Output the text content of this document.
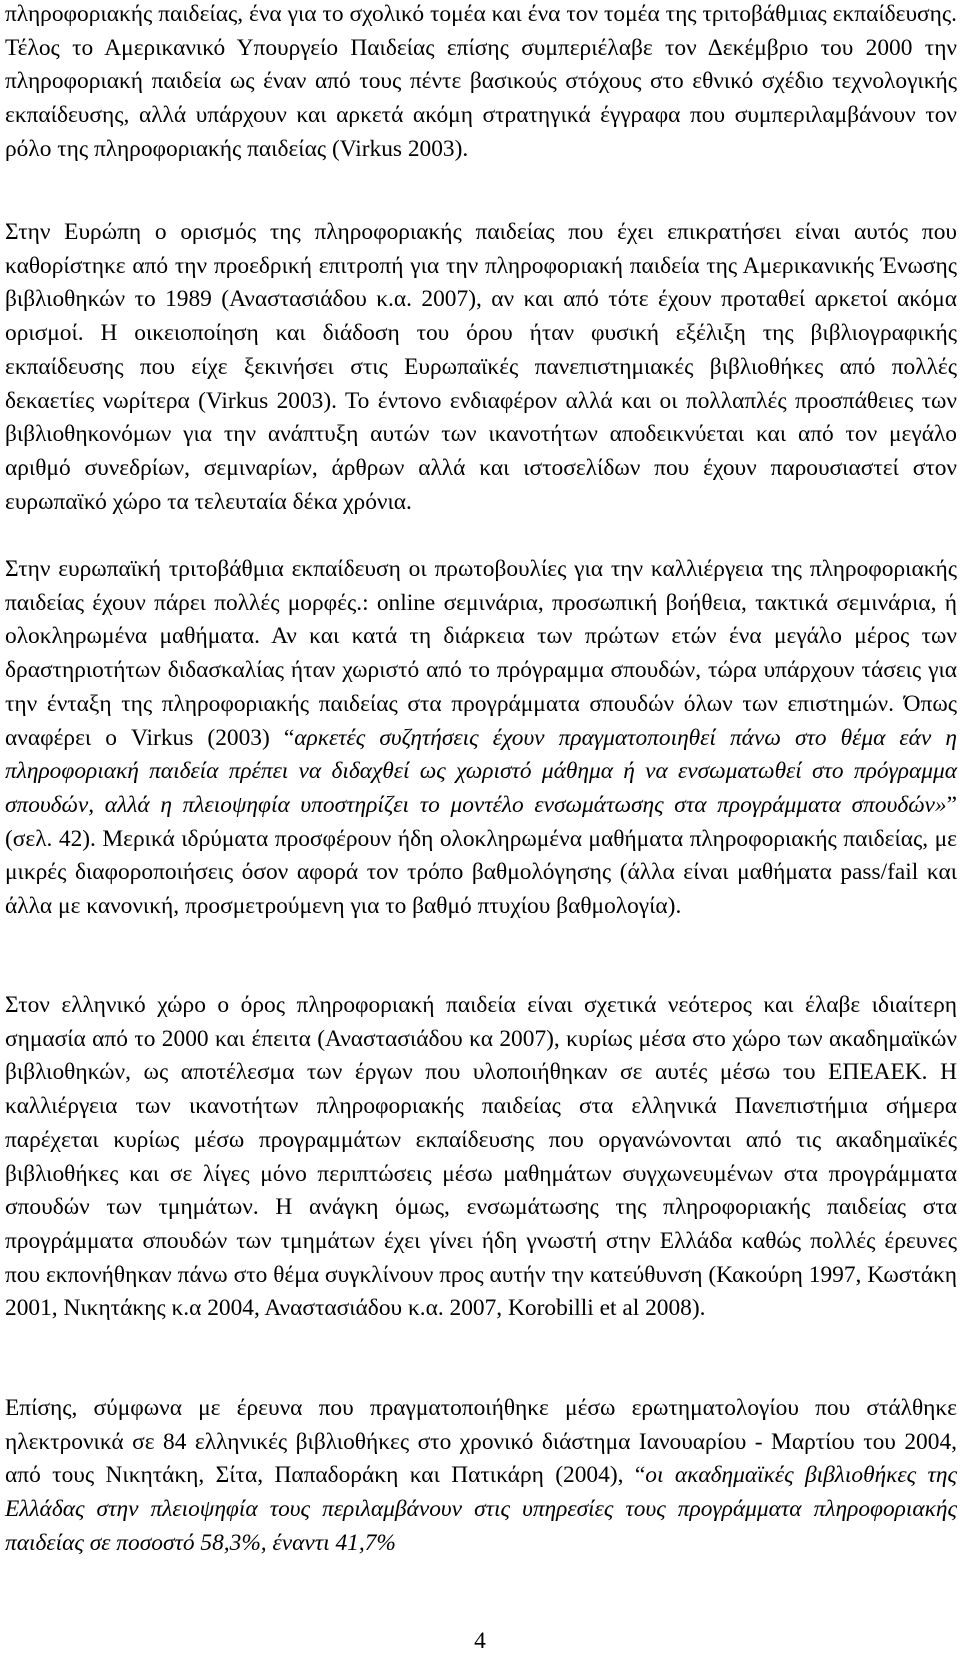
πληροφοριακής παιδείας, ένα για το σχολικό τομέα και ένα τον τομέα της τριτοβάθμιας εκπαίδευσης. Τέλος το Αμερικανικό Υπουργείο Παιδείας επίσης συμπεριέλαβε τον Δεκέμβριο του 2000 την πληροφοριακή παιδεία ως έναν από τους πέντε βασικούς στόχους στο εθνικό σχέδιο τεχνολογικής εκπαίδευσης, αλλά υπάρχουν και αρκετά ακόμη στρατηγικά έγγραφα που συμπεριλαμβάνουν τον ρόλο της πληροφοριακής παιδείας (Virkus 2003).

Στην Ευρώπη ο ορισμός της πληροφοριακής παιδείας που έχει επικρατήσει είναι αυτός που καθορίστηκε από την προεδρική επιτροπή για την πληροφοριακή παιδεία της Αμερικανικής Ένωσης βιβλιοθηκών το 1989 (Αναστασιάδου κ.α. 2007), αν και από τότε έχουν προταθεί αρκετοί ακόμα ορισμοί. Η οικειοποίηση και διάδοση του όρου ήταν φυσική εξέλιξη της βιβλιογραφικής εκπαίδευσης που είχε ξεκινήσει στις Ευρωπαϊκές πανεπιστημιακές βιβλιοθήκες από πολλές δεκαετίες νωρίτερα (Virkus 2003). Το έντονο ενδιαφέρον αλλά και οι πολλαπλές προσπάθειες των βιβλιοθηκονόμων για την ανάπτυξη αυτών των ικανοτήτων αποδεικνύεται και από τον μεγάλο αριθμό συνεδρίων, σεμιναρίων, άρθρων αλλά και ιστοσελίδων που έχουν παρουσιαστεί στον ευρωπαϊκό χώρο τα τελευταία δέκα χρόνια.

Στην ευρωπαϊκή τριτοβάθμια εκπαίδευση οι πρωτοβουλίες για την καλλιέργεια της πληροφοριακής παιδείας έχουν πάρει πολλές μορφές.: online σεμινάρια, προσωπική βοήθεια, τακτικά σεμινάρια, ή ολοκληρωμένα μαθήματα. Αν και κατά τη διάρκεια των πρώτων ετών ένα μεγάλο μέρος των δραστηριοτήτων διδασκαλίας ήταν χωριστό από το πρόγραμμα σπουδών, τώρα υπάρχουν τάσεις για την ένταξη της πληροφοριακής παιδείας στα προγράμματα σπουδών όλων των επιστημών. Όπως αναφέρει ο Virkus (2003) “αρκετές συζητήσεις έχουν πραγματοποιηθεί πάνω στο θέμα εάν η πληροφοριακή παιδεία πρέπει να διδαχθεί ως χωριστό μάθημα ή να ενσωματωθεί στο πρόγραμμα σπουδών, αλλά η πλειοψηφία υποστηρίζει το μοντέλο ενσωμάτωσης στα προγράμματα σπουδών»” (σελ. 42). Μερικά ιδρύματα προσφέρουν ήδη ολοκληρωμένα μαθήματα πληροφοριακής παιδείας, με μικρές διαφοροποιήσεις όσον αφορά τον τρόπο βαθμολόγησης (άλλα είναι μαθήματα pass/fail και άλλα με κανονική, προσμετρούμενη για το βαθμό πτυχίου βαθμολογία).

Στον ελληνικό χώρο ο όρος πληροφοριακή παιδεία είναι σχετικά νεότερος και έλαβε ιδιαίτερη σημασία από το 2000 και έπειτα (Αναστασιάδου κα 2007), κυρίως μέσα στο χώρο των ακαδημαϊκών βιβλιοθηκών, ως αποτέλεσμα των έργων που υλοποιήθηκαν σε αυτές μέσω του ΕΠΕΑΕΚ. Η καλλιέργεια των ικανοτήτων πληροφοριακής παιδείας στα ελληνικά Πανεπιστήμια σήμερα παρέχεται κυρίως μέσω προγραμμάτων εκπαίδευσης που οργανώνονται από τις ακαδημαϊκές βιβλιοθήκες και σε λίγες μόνο περιπτώσεις μέσω μαθημάτων συγχωνευμένων στα προγράμματα σπουδών των τμημάτων. Η ανάγκη όμως, ενσωμάτωσης της πληροφοριακής παιδείας στα προγράμματα σπουδών των τμημάτων έχει γίνει ήδη γνωστή στην Ελλάδα καθώς πολλές έρευνες που εκπονήθηκαν πάνω στο θέμα συγκλίνουν προς αυτήν την κατεύθυνση (Κακούρη 1997, Κωστάκη 2001, Νικητάκης κ.α 2004, Αναστασιάδου κ.α. 2007, Korobilli et al 2008).

Επίσης, σύμφωνα με έρευνα που πραγματοποιήθηκε μέσω ερωτηματολογίου που στάλθηκε ηλεκτρονικά σε 84 ελληνικές βιβλιοθήκες στο χρονικό διάστημα Ιανουαρίου - Μαρτίου του 2004, από τους Νικητάκη, Σίτα, Παπαδοράκη και Πατικάρη (2004), “οι ακαδημαϊκές βιβλιοθήκες της Ελλάδας στην πλειοψηφία τους περιλαμβάνουν στις υπηρεσίες τους προγράμματα πληροφοριακής παιδείας σε ποσοστό 58,3%, έναντι 41,7%

4
